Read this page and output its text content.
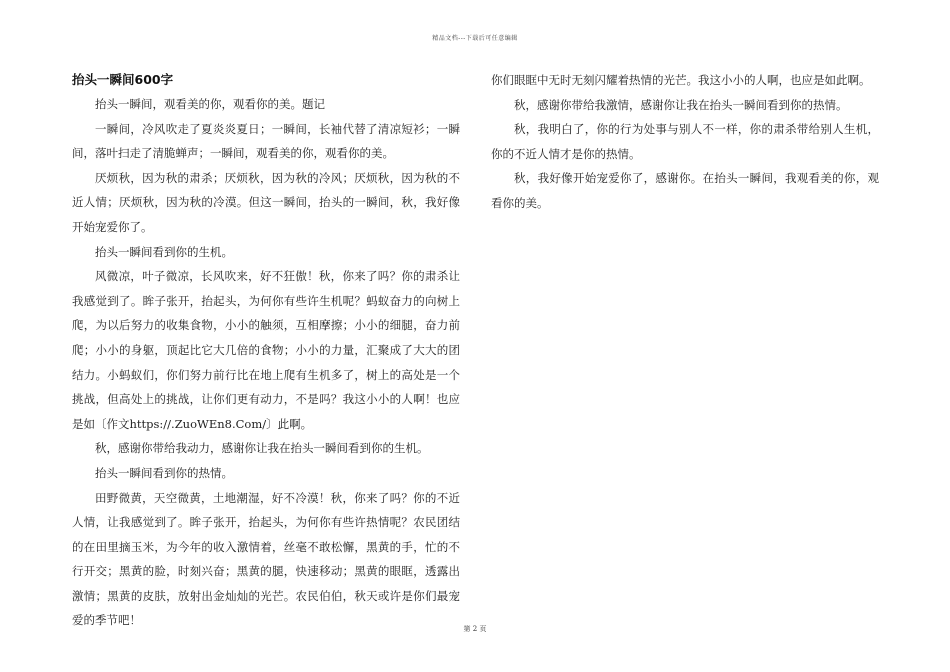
精品文档---下载后可任意编辑
抬头一瞬间600字

抬头一瞬间，观看美的你，观看你的美。题记

一瞬间，冷风吹走了夏炎炎夏日；一瞬间，长袖代替了清凉短衫；一瞬间，落叶扫走了清脆蝉声；一瞬间，观看美的你，观看你的美。

厌烦秋，因为秋的肃杀；厌烦秋，因为秋的冷风；厌烦秋，因为秋的不近人情；厌烦秋，因为秋的冷漠。但这一瞬间，抬头的一瞬间，秋，我好像开始宠爱你了。

抬头一瞬间看到你的生机。

风微凉，叶子微凉，长风吹来，好不狂傲！秋，你来了吗？你的肃杀让我感觉到了。眸子张开，抬起头，为何你有些许生机呢？蚂蚁奋力的向树上爬，为以后努力的收集食物，小小的触须，互相摩擦；小小的细腿，奋力前爬；小小的身躯，顶起比它大几倍的食物；小小的力量，汇聚成了大大的团结力。小蚂蚁们，你们努力前行比在地上爬有生机多了，树上的高处是一个挑战，但高处上的挑战，让你们更有动力，不是吗？我这小小的人啊！也应是如〔作文https://.ZuoWEn8.Com/〕此啊。

秋，感谢你带给我动力，感谢你让我在抬头一瞬间看到你的生机。

抬头一瞬间看到你的热情。

田野微黄，天空微黄，土地潮湿，好不冷漠！秋，你来了吗？你的不近人情，让我感觉到了。眸子张开，抬起头，为何你有些许热情呢？农民团结的在田里摘玉米，为今年的收入激情着，丝毫不敢松懈，黑黄的手，忙的不行开交；黑黄的脸，时刻兴奋；黑黄的腿，快速移动；黑黄的眼眶，透露出激情；黑黄的皮肤，放射出金灿灿的光芒。农民伯伯，秋天或许是你们最宠爱的季节吧！

你们眼眶中无时无刻闪耀着热情的光芒。我这小小的人啊，也应是如此啊。

秋，感谢你带给我激情，感谢你让我在抬头一瞬间看到你的热情。

秋，我明白了，你的行为处事与别人不一样，你的肃杀带给别人生机，你的不近人情才是你的热情。

秋，我好像开始宠爱你了，感谢你。在抬头一瞬间，我观看美的你，观看你的美。

第 2 页
